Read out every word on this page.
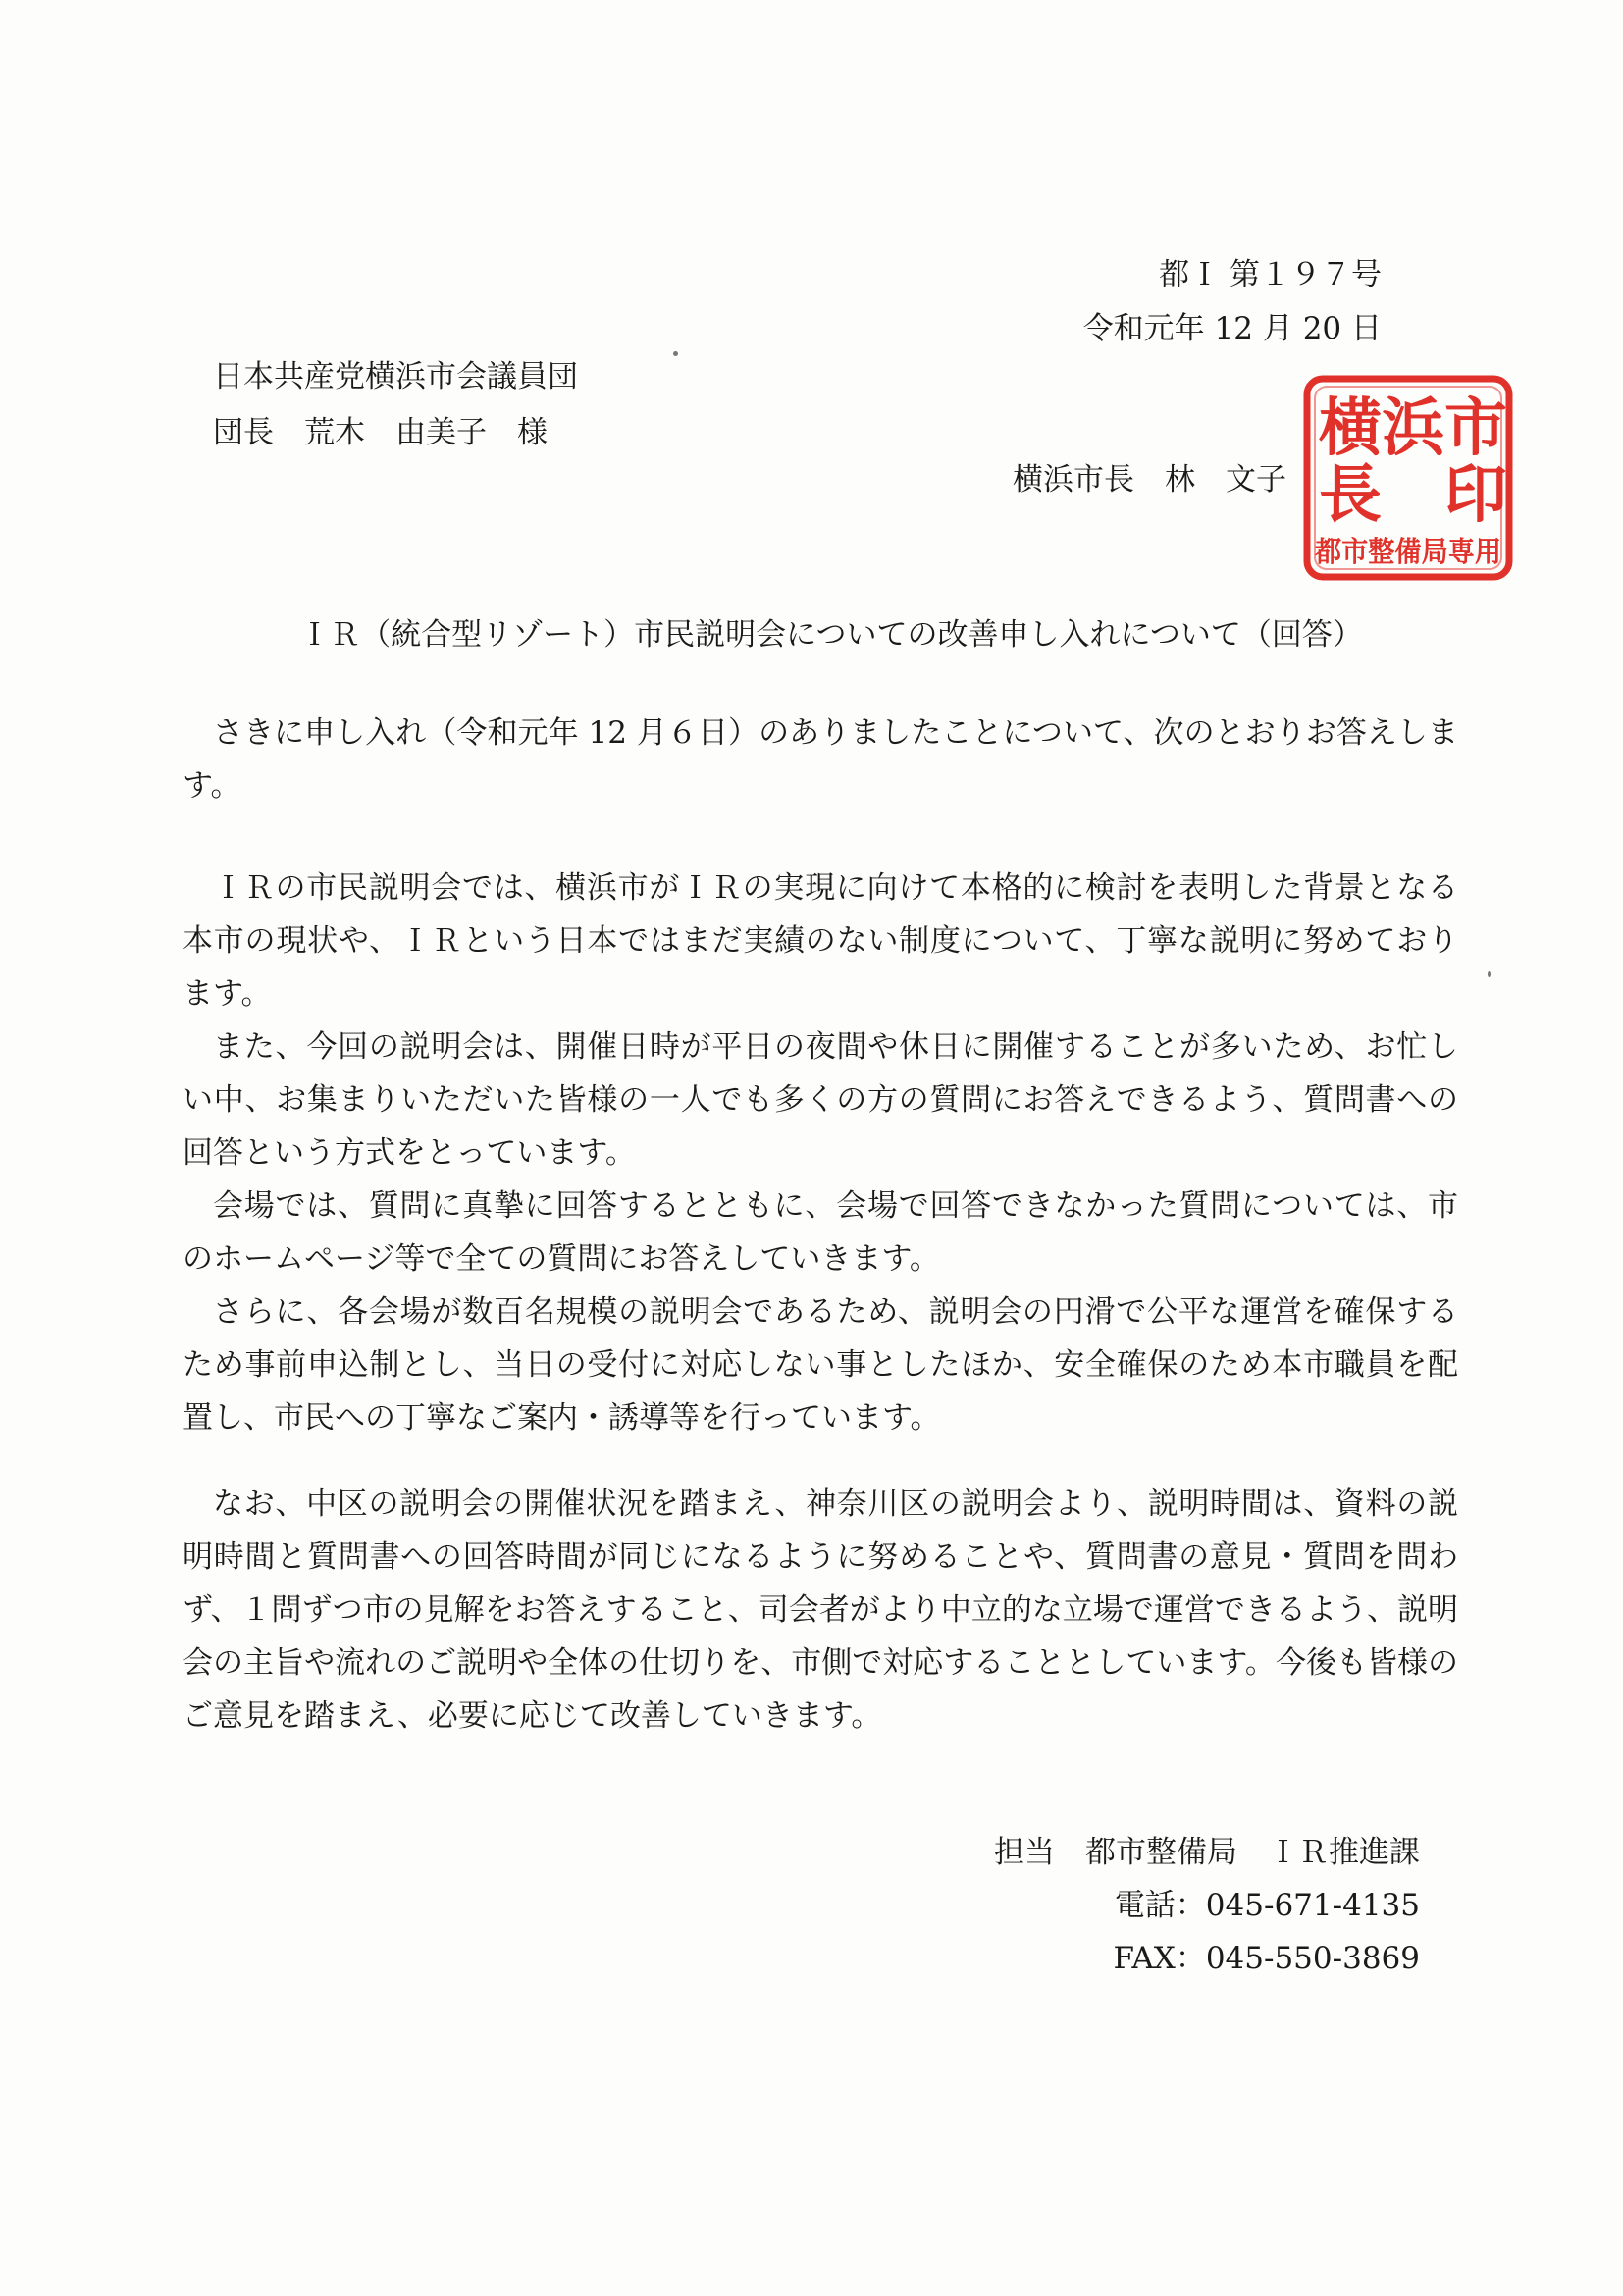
都Ｉ 第１９７号
令和元年 12 月 20 日
日本共産党横浜市会議員団
団長　荒木　由美子　様
横浜市長　林　文子
横 浜 市
長 印
都市整備局専用
ＩＲ（統合型リゾート）市民説明会についての改善申し入れについて（回答）

さきに申し入れ（令和元年 12 月６日）のありましたことについて、次のとおりお答えします。

ＩＲの市民説明会では、横浜市がＩＲの実現に向けて本格的に検討を表明した背景となる本市の現状や、ＩＲという日本ではまだ実績のない制度について、丁寧な説明に努めております。

また、今回の説明会は、開催日時が平日の夜間や休日に開催することが多いため、お忙しい中、お集まりいただいた皆様の一人でも多くの方の質問にお答えできるよう、質問書への回答という方式をとっています。

会場では、質問に真摯に回答するとともに、会場で回答できなかった質問については、市のホームページ等で全ての質問にお答えしていきます。

さらに、各会場が数百名規模の説明会であるため、説明会の円滑で公平な運営を確保するため事前申込制とし、当日の受付に対応しない事としたほか、安全確保のため本市職員を配置し、市民への丁寧なご案内・誘導等を行っています。

なお、中区の説明会の開催状況を踏まえ、神奈川区の説明会より、説明時間は、資料の説明時間と質問書への回答時間が同じになるように努めることや、質問書の意見・質問を問わず、１問ずつ市の見解をお答えすること、司会者がより中立的な立場で運営できるよう、説明会の主旨や流れのご説明や全体の仕切りを、市側で対応することとしています。今後も皆様のご意見を踏まえ、必要に応じて改善していきます。

担当　都市整備局　ＩＲ推進課
電話：045-671-4135
FAX：045-550-3869
